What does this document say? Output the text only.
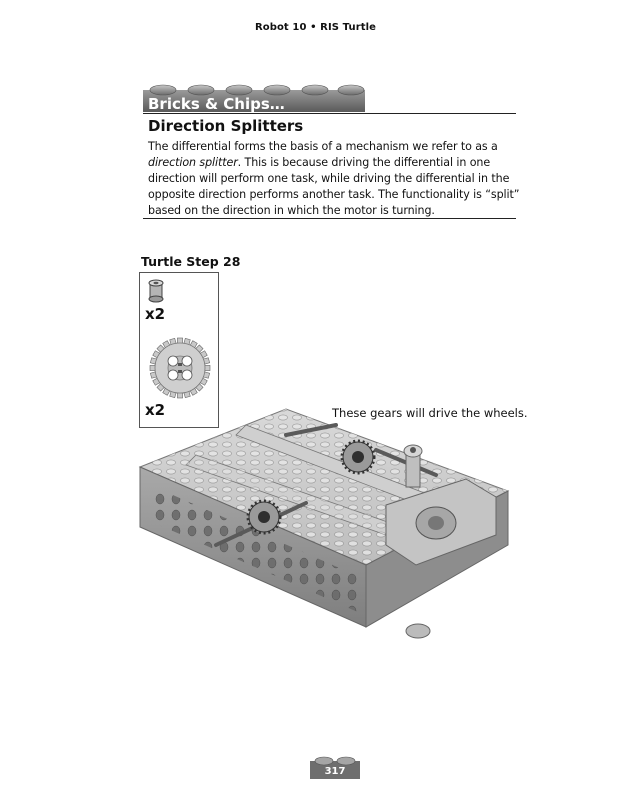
Robot 10 • RIS Turtle
Bricks & Chips…
Direction Splitters
The differential forms the basis of a mechanism we refer to as a direction splitter. This is because driving the differential in one direction will perform one task, while driving the differential in the opposite direction performs another task. The functionality is “split” based on the direction in which the motor is turning.
Turtle Step 28
x2
x2	These gears will drive the wheels.
317
